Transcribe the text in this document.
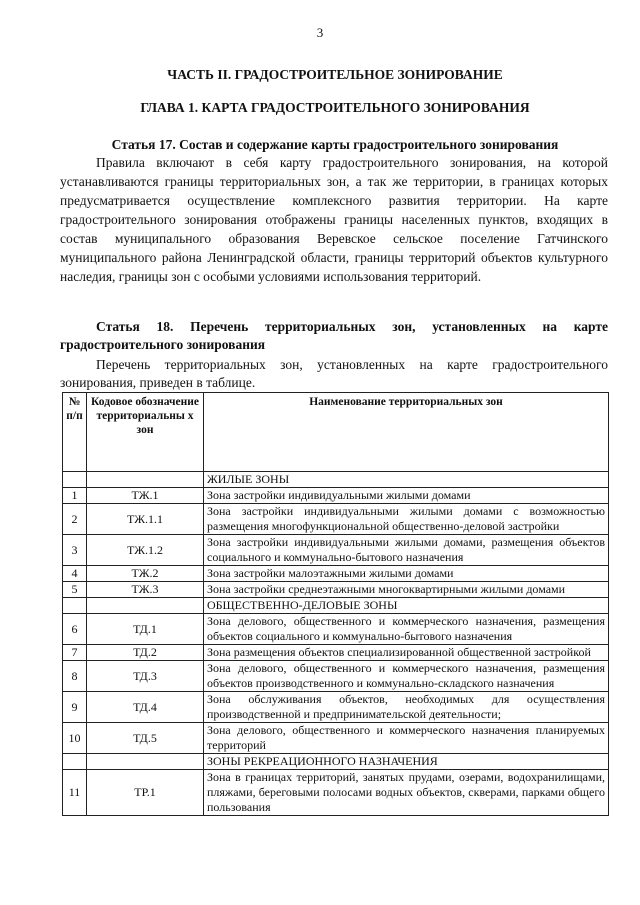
3
ЧАСТЬ II. ГРАДОСТРОИТЕЛЬНОЕ ЗОНИРОВАНИЕ
ГЛАВА 1. КАРТА ГРАДОСТРОИТЕЛЬНОГО ЗОНИРОВАНИЯ
Статья 17. Состав и содержание карты градостроительного зонирования

Правила включают в себя карту градостроительного зонирования, на которой устанавливаются границы территориальных зон, а так же территории, в границах которых предусматривается осуществление комплексного развития территории. На карте градостроительного зонирования отображены границы населенных пунктов, входящих в состав муниципального образования Веревское сельское поселение Гатчинского муниципального района Ленинградской области, границы территорий объектов культурного наследия, границы зон с особыми условиями использования территорий.

Статья 18. Перечень территориальных зон, установленных на карте градостроительного зонирования

Перечень территориальных зон, установленных на карте градостроительного зонирования, приведен в таблице.

№ п/п	Кодовое обозначение территориальны х зон	Наименование территориальных зон
		ЖИЛЫЕ ЗОНЫ
1	ТЖ.1	Зона застройки индивидуальными жилыми домами
2	ТЖ.1.1	Зона застройки индивидуальными жилыми домами с возможностью размещения многофункциональной общественно-деловой застройки
3	ТЖ.1.2	Зона застройки индивидуальными жилыми домами, размещения объектов социального и коммунально-бытового назначения
4	ТЖ.2	Зона застройки малоэтажными жилыми домами
5	ТЖ.3	Зона застройки среднеэтажными многоквартирными жилыми домами
		ОБЩЕСТВЕННО-ДЕЛОВЫЕ ЗОНЫ
6	ТД.1	Зона делового, общественного и коммерческого назначения, размещения объектов социального и коммунально-бытового назначения
7	ТД.2	Зона размещения объектов специализированной общественной застройкой
8	ТД.3	Зона делового, общественного и коммерческого назначения, размещения объектов производственного и коммунально-складского назначения
9	ТД.4	Зона обслуживания объектов, необходимых для осуществления производственной и предпринимательской деятельности;
10	ТД.5	Зона делового, общественного и коммерческого назначения планируемых территорий
		ЗОНЫ РЕКРЕАЦИОННОГО НАЗНАЧЕНИЯ
11	ТР.1	Зона в границах территорий, занятых прудами, озерами, водохранилищами, пляжами, береговыми полосами водных объектов, скверами, парками общего пользования
